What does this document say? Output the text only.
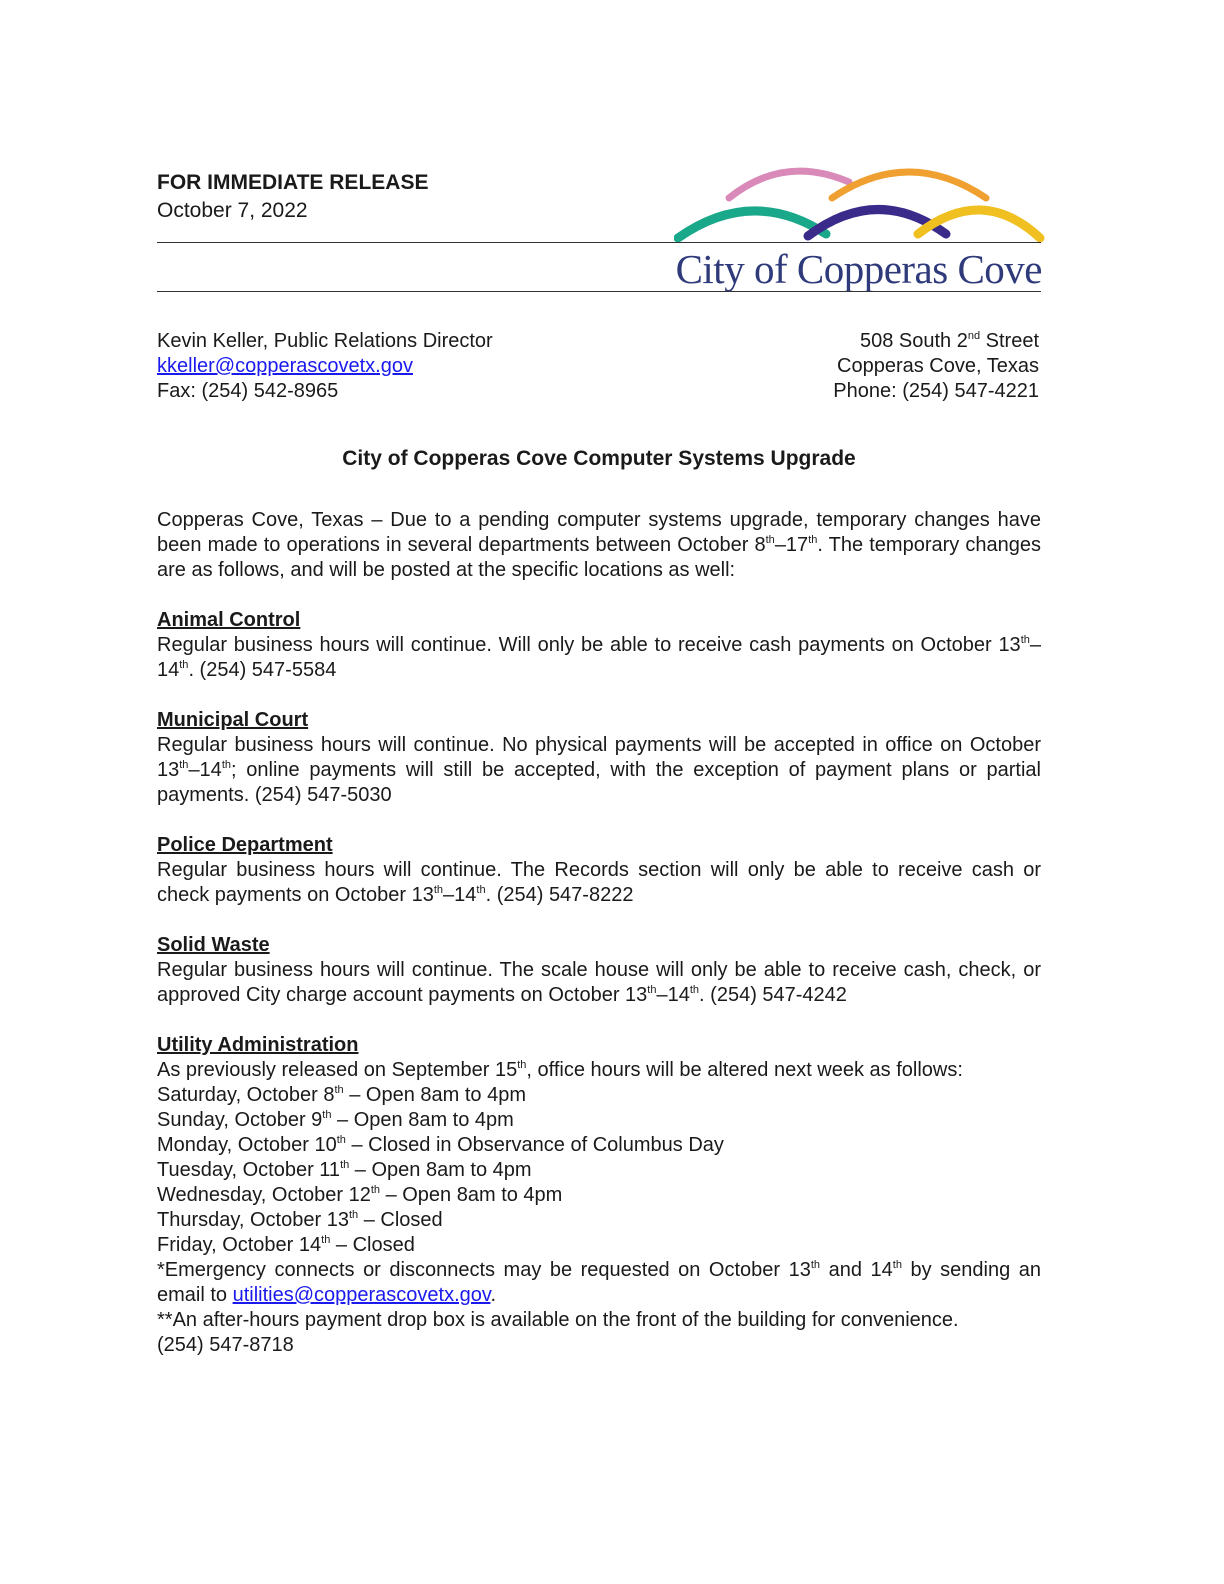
FOR IMMEDIATE RELEASE
October 7, 2022
City of Copperas Cove
Kevin Keller, Public Relations Director
kkeller@copperascovetx.gov
Fax: (254) 542-8965
508 South 2nd Street
Copperas Cove, Texas
Phone: (254) 547-4221
City of Copperas Cove Computer Systems Upgrade
Copperas Cove, Texas – Due to a pending computer systems upgrade, temporary changes have been made to operations in several departments between October 8th–17th. The temporary changes are as follows, and will be posted at the specific locations as well:
Animal Control
Regular business hours will continue. Will only be able to receive cash payments on October 13th–14th. (254) 547-5584
Municipal Court
Regular business hours will continue. No physical payments will be accepted in office on October 13th–14th; online payments will still be accepted, with the exception of payment plans or partial payments. (254) 547-5030
Police Department
Regular business hours will continue. The Records section will only be able to receive cash or check payments on October 13th–14th. (254) 547-8222
Solid Waste
Regular business hours will continue. The scale house will only be able to receive cash, check, or approved City charge account payments on October 13th–14th. (254) 547-4242
Utility Administration
As previously released on September 15th, office hours will be altered next week as follows:
Saturday, October 8th – Open 8am to 4pm
Sunday, October 9th – Open 8am to 4pm
Monday, October 10th – Closed in Observance of Columbus Day
Tuesday, October 11th – Open 8am to 4pm
Wednesday, October 12th – Open 8am to 4pm
Thursday, October 13th – Closed
Friday, October 14th – Closed
*Emergency connects or disconnects may be requested on October 13th and 14th by sending an email to utilities@copperascovetx.gov.
**An after-hours payment drop box is available on the front of the building for convenience.
(254) 547-8718
